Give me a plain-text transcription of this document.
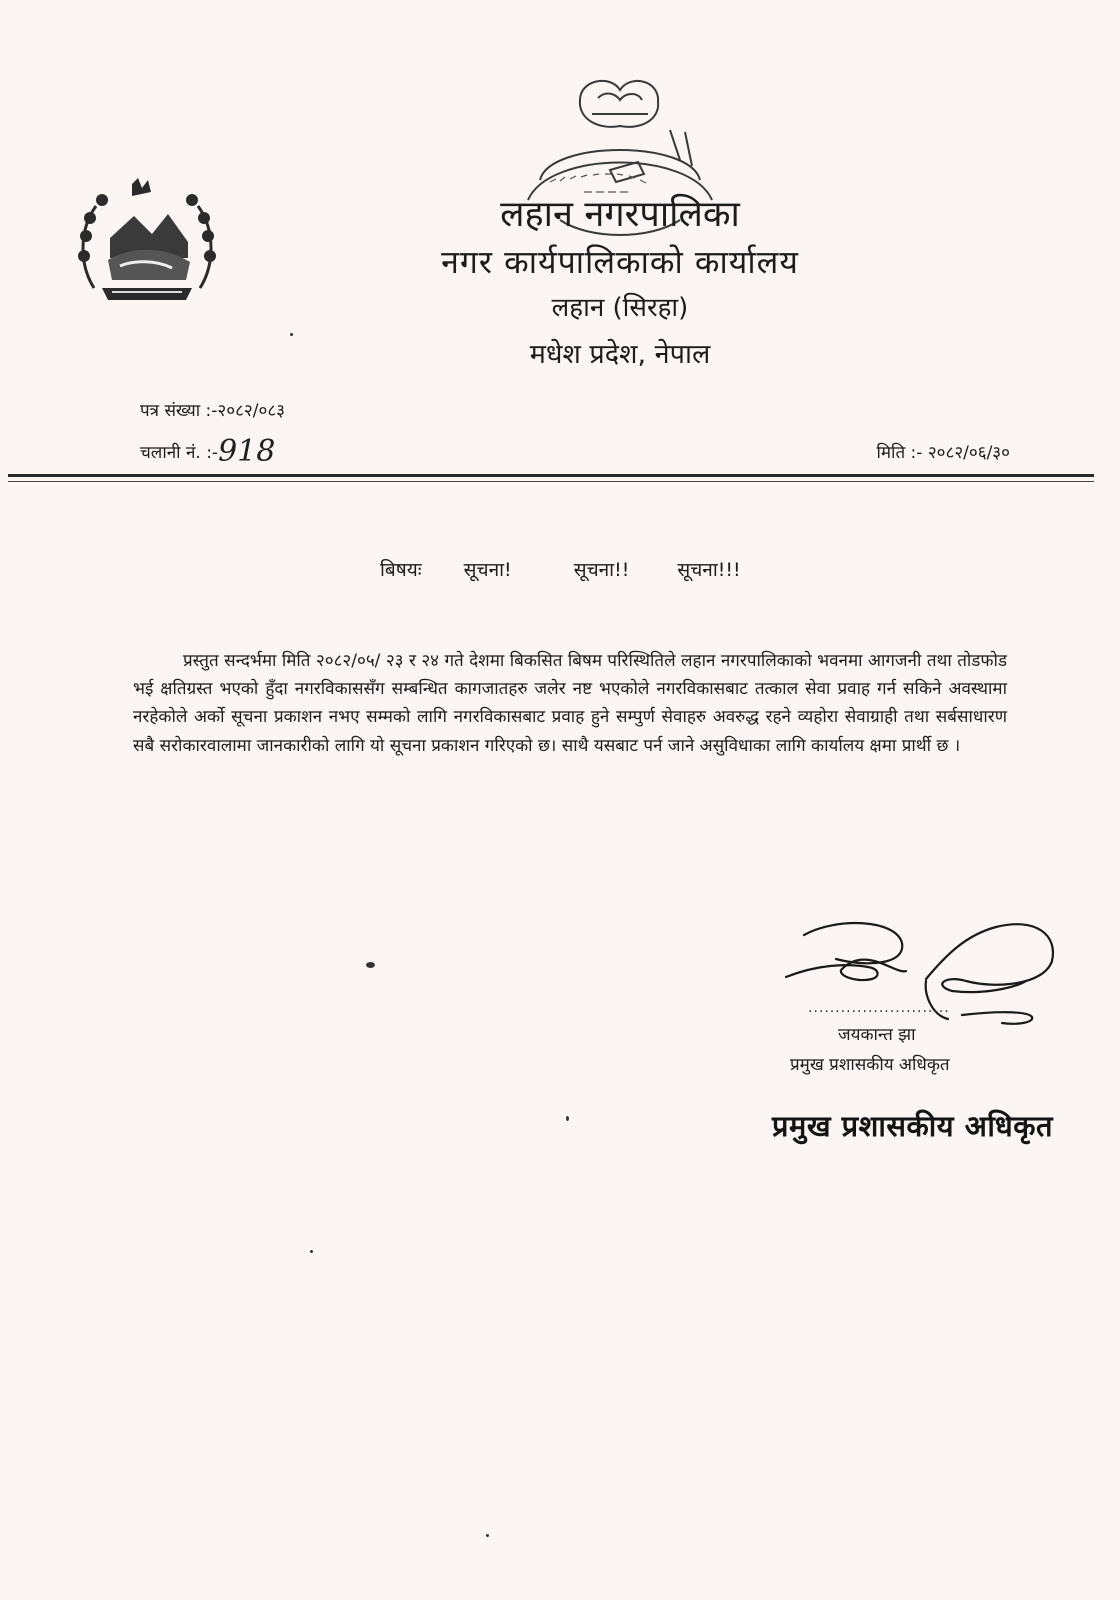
लहान नगरपालिका
नगर कार्यपालिकाको कार्यालय
लहान (सिरहा)
मधेश प्रदेश, नेपाल
पत्र संख्या :-२०८२/०८३
चलानी नं. :-918	मिति :- २०८२/०६/३०
बिषयः सूचना!	सूचना!!	सूचना!!!
प्रस्तुत सन्दर्भमा मिति २०८२/०५/ २३ र २४ गते देशमा बिकसित बिषम परिस्थितिले लहान नगरपालिकाको भवनमा आगजनी तथा तोडफोड भई क्षतिग्रस्त भएको हुँदा नगरविकाससँग सम्बन्धित कागजातहरु जलेर नष्ट भएकोले नगरविकासबाट तत्काल सेवा प्रवाह गर्न सकिने अवस्थामा नरहेकोले अर्को सूचना प्रकाशन नभए सम्मको लागि नगरविकासबाट प्रवाह हुने सम्पुर्ण सेवाहरु अवरुद्ध रहने व्यहोरा सेवाग्राही तथा सर्बसाधारण सबै सरोकारवालामा जानकारीको लागि यो सूचना प्रकाशन गरिएको छ। साथै यसबाट पर्न जाने असुविधाका लागि कार्यालय क्षमा प्रार्थी छ ।
..........................
जयकान्त झा
प्रमुख प्रशासकीय अधिकृत
प्रमुख प्रशासकीय अधिकृत
